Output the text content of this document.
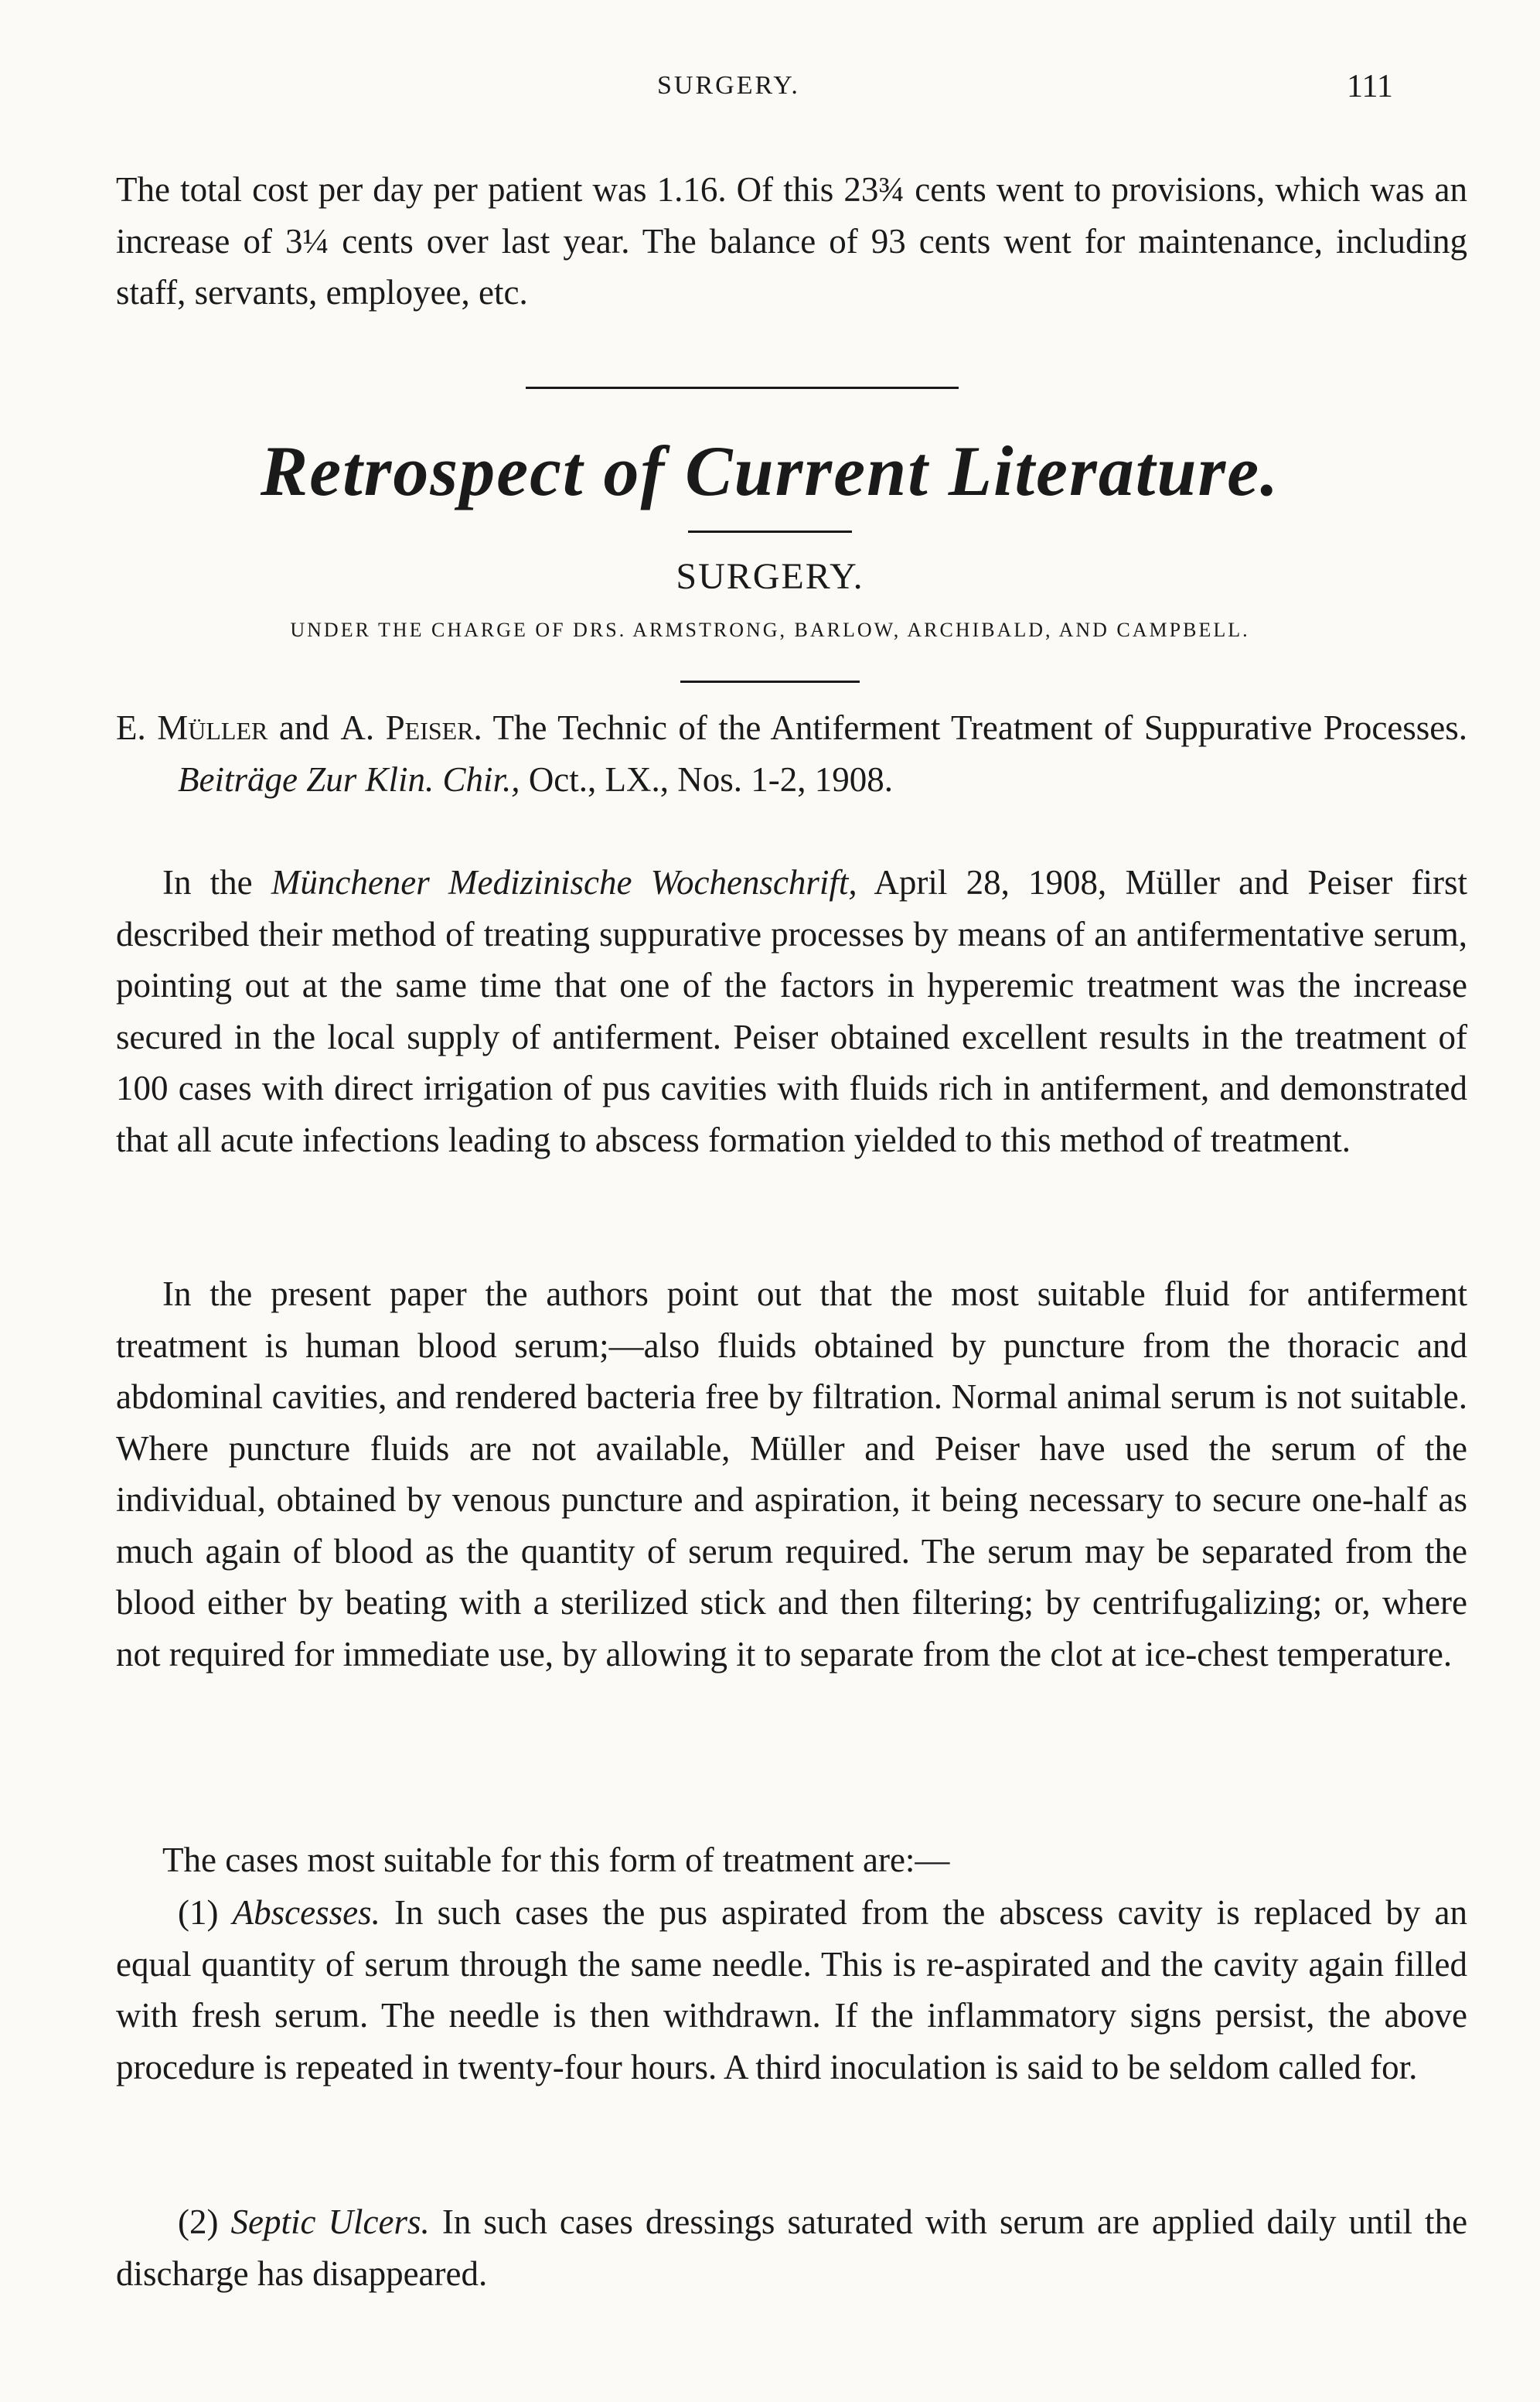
SURGERY.	111

The total cost per day per patient was 1.16. Of this 23¾ cents went to provisions, which was an increase of 3¼ cents over last year. The balance of 93 cents went for maintenance, including staff, servants, employee, etc.

Retrospect of Current Literature.
SURGERY.
UNDER THE CHARGE OF DRS. ARMSTRONG, BARLOW, ARCHIBALD, AND CAMPBELL.

E. Müller and A. Peiser. The Technic of the Antiferment Treatment of Suppurative Processes. Beiträge Zur Klin. Chir., Oct., LX., Nos. 1-2, 1908.

In the Münchener Medizinische Wochenschrift, April 28, 1908, Müller and Peiser first described their method of treating suppurative processes by means of an antifermentative serum, pointing out at the same time that one of the factors in hyperemic treatment was the increase secured in the local supply of antiferment. Peiser obtained excellent results in the treatment of 100 cases with direct irrigation of pus cavities with fluids rich in antiferment, and demonstrated that all acute infections leading to abscess formation yielded to this method of treatment.

In the present paper the authors point out that the most suitable fluid for antiferment treatment is human blood serum;—also fluids obtained by puncture from the thoracic and abdominal cavities, and rendered bacteria free by filtration. Normal animal serum is not suitable. Where puncture fluids are not available, Müller and Peiser have used the serum of the individual, obtained by venous puncture and aspiration, it being necessary to secure one-half as much again of blood as the quantity of serum required. The serum may be separated from the blood either by beating with a sterilized stick and then filtering; by centrifugalizing; or, where not required for immediate use, by allowing it to separate from the clot at ice-chest temperature.

The cases most suitable for this form of treatment are:—

(1) Abscesses. In such cases the pus aspirated from the abscess cavity is replaced by an equal quantity of serum through the same needle. This is re-aspirated and the cavity again filled with fresh serum. The needle is then withdrawn. If the inflammatory signs persist, the above procedure is repeated in twenty-four hours. A third inoculation is said to be seldom called for.

(2) Septic Ulcers. In such cases dressings saturated with serum are applied daily until the discharge has disappeared.
